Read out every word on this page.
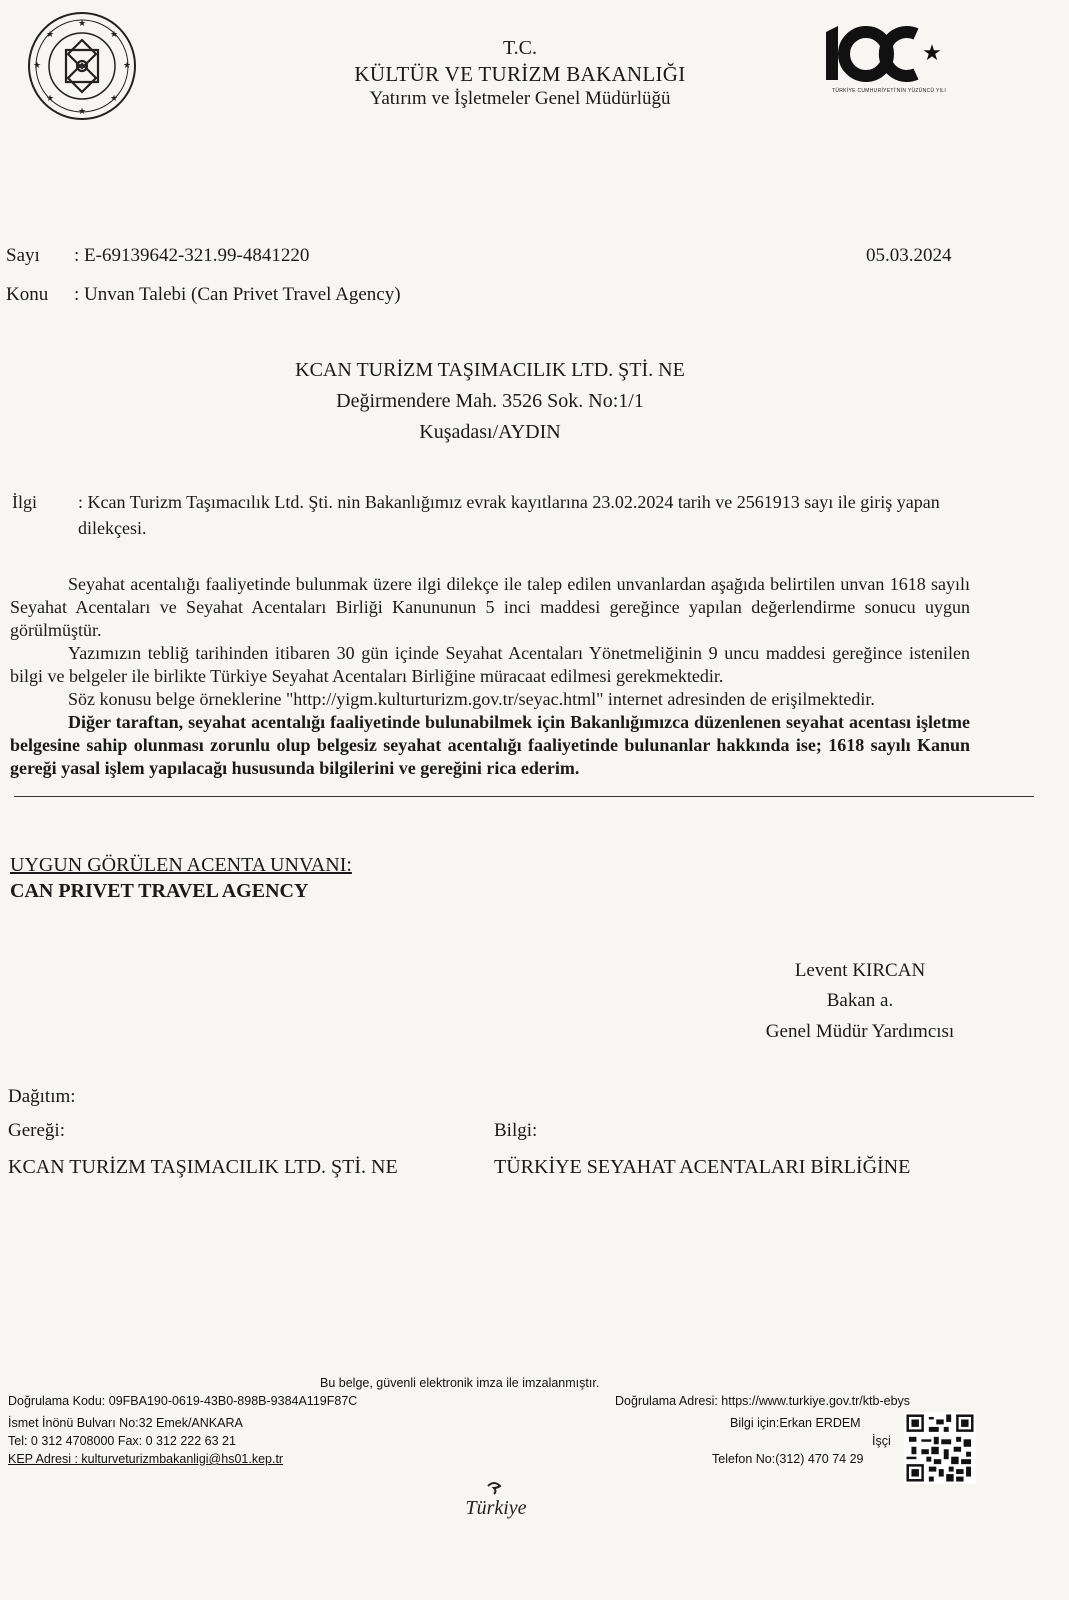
★
★
★
★
★
★
★
★
T.C.
KÜLTÜR VE TURİZM BAKANLIĞI
Yatırım ve İşletmeler Genel Müdürlüğü
★
TÜRKİYE CUMHURİYETİ'NİN YÜZÜNCÜ YILI
Sayı : E-69139642-321.99-4841220
Konu : Unvan Talebi (Can Privet Travel Agency)
05.03.2024
KCAN TURİZM TAŞIMACILIK LTD. ŞTİ. NE
Değirmendere Mah. 3526 Sok. No:1/1
Kuşadası/AYDIN
İlgi : Kcan Turizm Taşımacılık Ltd. Şti. nin Bakanlığımız evrak kayıtlarına 23.02.2024 tarih ve 2561913 sayı ile giriş yapan dilekçesi.

Seyahat acentalığı faaliyetinde bulunmak üzere ilgi dilekçe ile talep edilen unvanlardan aşağıda belirtilen unvan 1618 sayılı Seyahat Acentaları ve Seyahat Acentaları Birliği Kanununun 5 inci maddesi gereğince yapılan değerlendirme sonucu uygun görülmüştür.

Yazımızın tebliğ tarihinden itibaren 30 gün içinde Seyahat Acentaları Yönetmeliğinin 9 uncu maddesi gereğince istenilen bilgi ve belgeler ile birlikte Türkiye Seyahat Acentaları Birliğine müracaat edilmesi gerekmektedir.

Söz konusu belge örneklerine "http://yigm.kulturturizm.gov.tr/seyac.html" internet adresinden de erişilmektedir.

Diğer taraftan, seyahat acentalığı faaliyetinde bulunabilmek için Bakanlığımızca düzenlenen seyahat acentası işletme belgesine sahip olunması zorunlu olup belgesiz seyahat acentalığı faaliyetinde bulunanlar hakkında ise; 1618 sayılı Kanun gereği yasal işlem yapılacağı hususunda bilgilerini ve gereğini rica ederim.

UYGUN GÖRÜLEN ACENTA UNVANI:
CAN PRIVET TRAVEL AGENCY
Levent KIRCAN
Bakan a.
Genel Müdür Yardımcısı
Dağıtım:
Gereği:
KCAN TURİZM TAŞIMACILIK LTD. ŞTİ. NE
Bilgi:
TÜRKİYE SEYAHAT ACENTALARI BİRLİĞİNE
Bu belge, güvenli elektronik imza ile imzalanmıştır.
Doğrulama Kodu: 09FBA190-0619-43B0-898B-9384A119F87C	Doğrulama Adresi: https://www.turkiye.gov.tr/ktb-ebys
İsmet İnönü Bulvarı No:32 Emek/ANKARA
Tel: 0 312 4708000 Fax: 0 312 222 63 21
KEP Adresi : kulturveturizmbakanligi@hs01.kep.tr
Bilgi için:Erkan ERDEM
İşçi
Telefon No:(312) 470 74 29
Türkiye
